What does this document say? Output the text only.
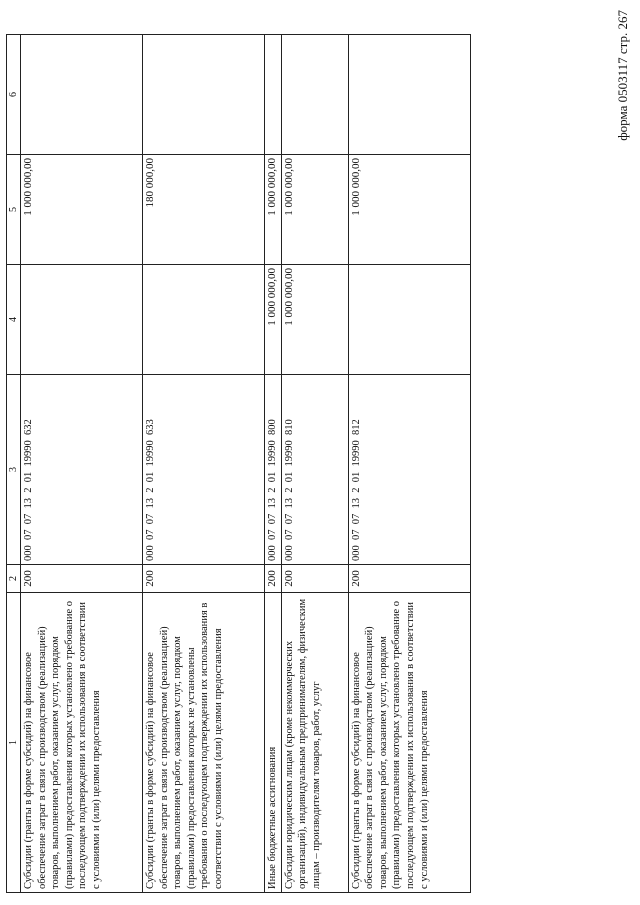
форма 0503117 стр. 267
1	2	3	4	5	6
Субсидии (гранты в форме субсидий) на финансовое обеспечение затрат в связи с производством (реализацией) товаров, выполнением работ, оказанием услуг, порядком (правилами) предоставления которых установлено требование о последующем подтверждении их использования в соответствии с условиями и (или) целями предоставления	200	000  07  07  13  2  01  19990  632		1 000 000,00	
Субсидии (гранты в форме субсидий) на финансовое обеспечение затрат в связи с производством (реализацией) товаров, выполнением работ, оказанием услуг, порядком (правилами) предоставления которых не установлены требования о последующем подтверждении их использования в соответствии с условиями и (или) целями предоставления	200	000  07  07  13  2  01  19990  633		180 000,00	
Иные бюджетные ассигнования	200	000  07  07  13  2  01  19990  800	1 000 000,00	1 000 000,00	
Субсидии юридическим лицам (кроме некоммерческих организаций), индивидуальным предпринимателям, физическим лицам – производителям товаров, работ, услуг	200	000  07  07  13  2  01  19990  810	1 000 000,00	1 000 000,00	
Субсидии (гранты в форме субсидий) на финансовое обеспечение затрат в связи с производством (реализацией) товаров, выполнением работ, оказанием услуг, порядком (правилами) предоставления которых установлено требование о последующем подтверждении их использования в соответствии с условиями и (или) целями предоставления	200	000  07  07  13  2  01  19990  812		1 000 000,00	
